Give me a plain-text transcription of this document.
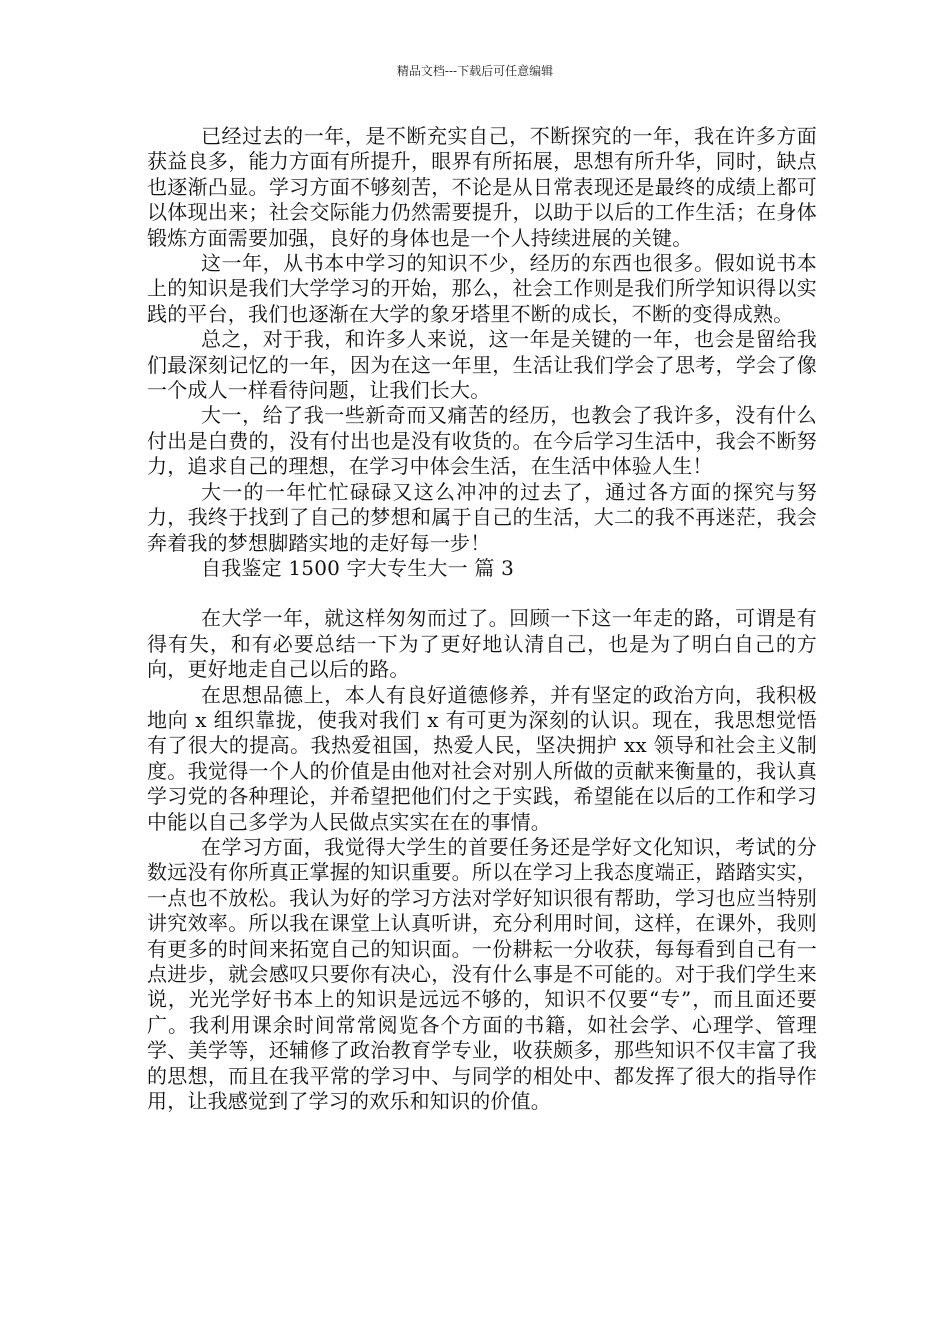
精品文档---下载后可任意编辑

已经过去的一年，是不断充实自己，不断探究的一年，我在许多方面获益良多，能力方面有所提升，眼界有所拓展，思想有所升华，同时，缺点也逐渐凸显。学习方面不够刻苦，不论是从日常表现还是最终的成绩上都可以体现出来；社会交际能力仍然需要提升，以助于以后的工作生活；在身体锻炼方面需要加强，良好的身体也是一个人持续进展的关键。

这一年，从书本中学习的知识不少，经历的东西也很多。假如说书本上的知识是我们大学学习的开始，那么，社会工作则是我们所学知识得以实践的平台，我们也逐渐在大学的象牙塔里不断的成长，不断的变得成熟。

总之，对于我，和许多人来说，这一年是关键的一年，也会是留给我们最深刻记忆的一年，因为在这一年里，生活让我们学会了思考，学会了像一个成人一样看待问题，让我们长大。

大一，给了我一些新奇而又痛苦的经历，也教会了我许多，没有什么付出是白费的，没有付出也是没有收货的。在今后学习生活中，我会不断努力，追求自己的理想，在学习中体会生活，在生活中体验人生！

大一的一年忙忙碌碌又这么冲冲的过去了，通过各方面的探究与努力，我终于找到了自己的梦想和属于自己的生活，大二的我不再迷茫，我会奔着我的梦想脚踏实地的走好每一步！

自我鉴定 1500 字大专生大一 篇 3

在大学一年，就这样匆匆而过了。回顾一下这一年走的路，可谓是有得有失，和有必要总结一下为了更好地认清自己，也是为了明白自己的方向，更好地走自己以后的路。

在思想品德上，本人有良好道德修养，并有坚定的政治方向，我积极地向 x 组织靠拢，使我对我们 x 有可更为深刻的认识。现在，我思想觉悟有了很大的提高。我热爱祖国，热爱人民，坚决拥护 xx 领导和社会主义制度。我觉得一个人的价值是由他对社会对别人所做的贡献来衡量的，我认真学习党的各种理论，并希望把他们付之于实践，希望能在以后的工作和学习中能以自己多学为人民做点实实在在的事情。

在学习方面，我觉得大学生的首要任务还是学好文化知识，考试的分数远没有你所真正掌握的知识重要。所以在学习上我态度端正，踏踏实实，一点也不放松。我认为好的学习方法对学好知识很有帮助，学习也应当特别讲究效率。所以我在课堂上认真听讲，充分利用时间，这样，在课外，我则有更多的时间来拓宽自己的知识面。一份耕耘一分收获，每每看到自己有一点进步，就会感叹只要你有决心，没有什么事是不可能的。对于我们学生来说，光光学好书本上的知识是远远不够的，知识不仅要“专”，而且面还要广。我利用课余时间常常阅览各个方面的书籍，如社会学、心理学、管理学、美学等，还辅修了政治教育学专业，收获颇多，那些知识不仅丰富了我的思想，而且在我平常的学习中、与同学的相处中、都发挥了很大的指导作用，让我感觉到了学习的欢乐和知识的价值。
